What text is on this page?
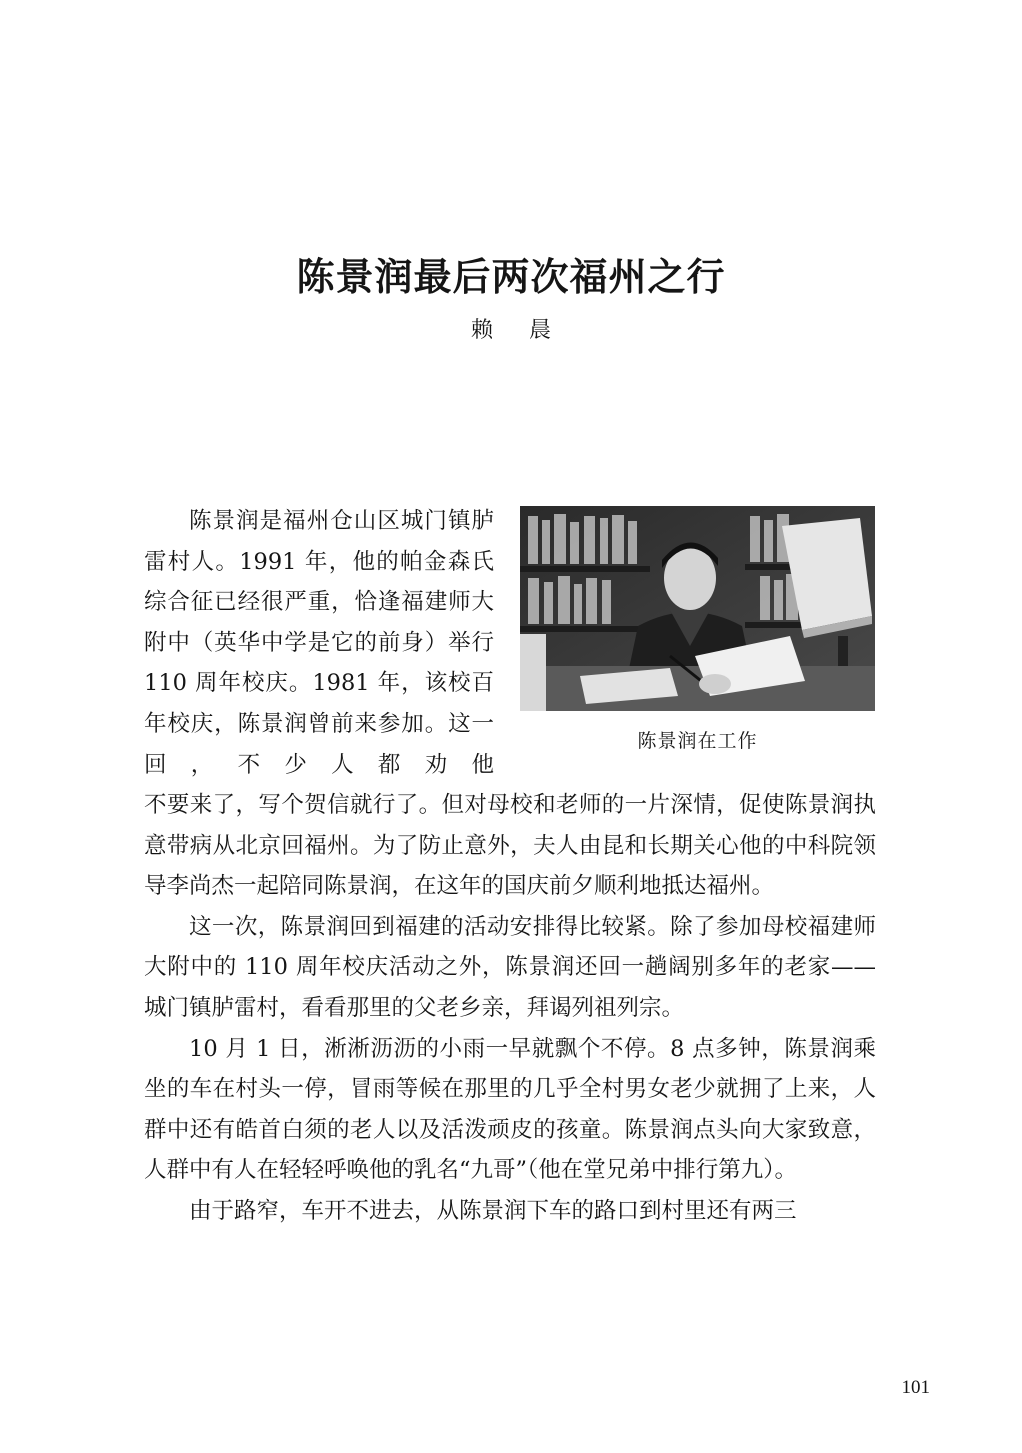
陈景润最后两次福州之行
赖 晨

陈景润是福州仓山区城门镇胪雷村人。1991 年，他的帕金森氏综合征已经很严重，恰逢福建师大附中（英华中学是它的前身）举行 110 周年校庆。1981 年，该校百年校庆，陈景润曾前来参加。这一回，不少人都劝他

陈景润在工作

不要来了，写个贺信就行了。但对母校和老师的一片深情，促使陈景润执意带病从北京回福州。为了防止意外，夫人由昆和长期关心他的中科院领导李尚杰一起陪同陈景润，在这年的国庆前夕顺利地抵达福州。

这一次，陈景润回到福建的活动安排得比较紧。除了参加母校福建师大附中的 110 周年校庆活动之外，陈景润还回一趟阔别多年的老家——城门镇胪雷村，看看那里的父老乡亲，拜谒列祖列宗。

10 月 1 日，淅淅沥沥的小雨一早就飘个不停。8 点多钟，陈景润乘坐的车在村头一停，冒雨等候在那里的几乎全村男女老少就拥了上来，人群中还有皓首白须的老人以及活泼顽皮的孩童。陈景润点头向大家致意，人群中有人在轻轻呼唤他的乳名“九哥”（他在堂兄弟中排行第九）。

由于路窄，车开不进去，从陈景润下车的路口到村里还有两三

101
